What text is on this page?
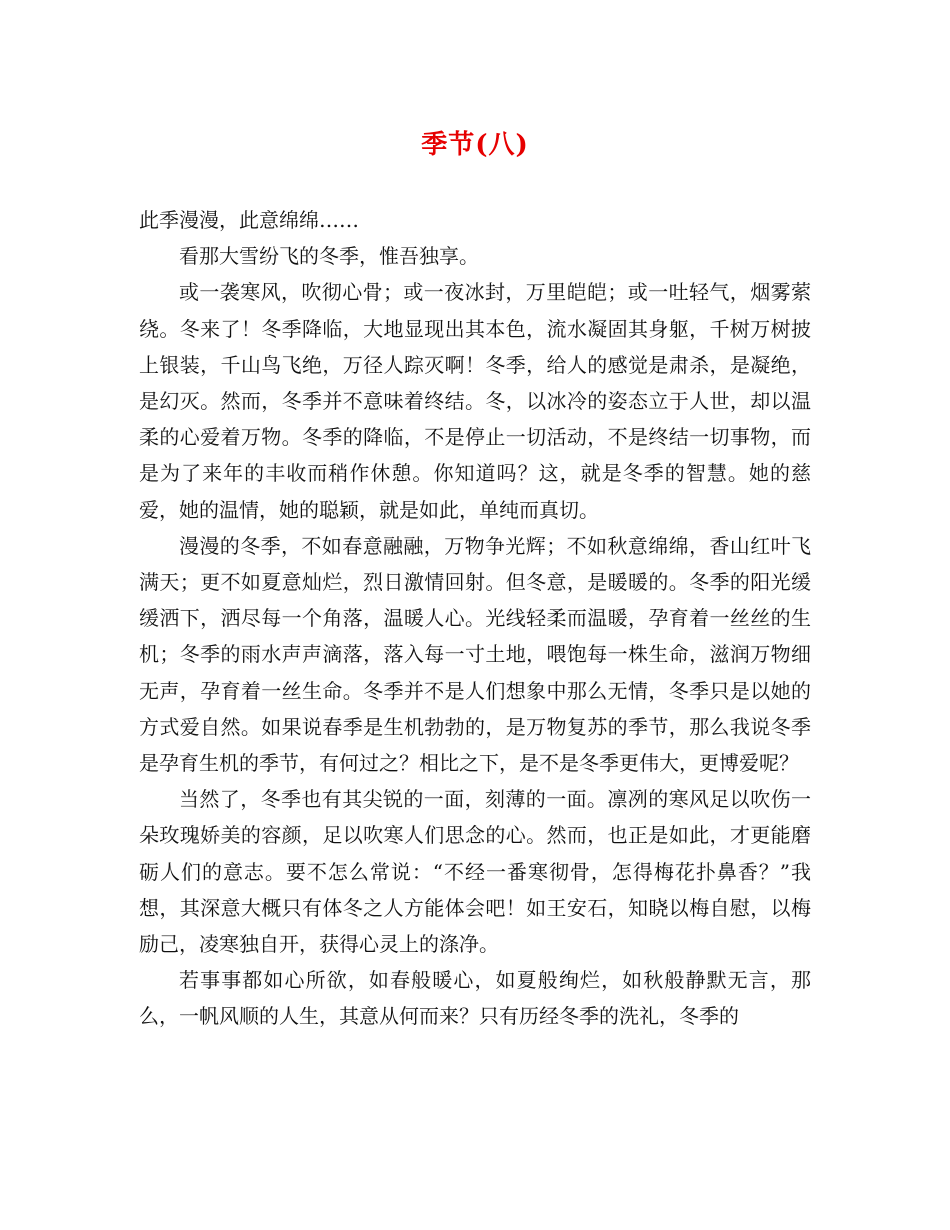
季节(八)

此季漫漫，此意绵绵……

看那大雪纷飞的冬季，惟吾独享。

或一袭寒风，吹彻心骨；或一夜冰封，万里皑皑；或一吐轻气，烟雾萦绕。冬来了！冬季降临，大地显现出其本色，流水凝固其身躯，千树万树披上银装，千山鸟飞绝，万径人踪灭啊！冬季，给人的感觉是肃杀，是凝绝，是幻灭。然而，冬季并不意味着终结。冬，以冰冷的姿态立于人世，却以温柔的心爱着万物。冬季的降临，不是停止一切活动，不是终结一切事物，而是为了来年的丰收而稍作休憩。你知道吗？这，就是冬季的智慧。她的慈爱，她的温情，她的聪颖，就是如此，单纯而真切。

漫漫的冬季，不如春意融融，万物争光辉；不如秋意绵绵，香山红叶飞满天；更不如夏意灿烂，烈日激情回射。但冬意，是暖暖的。冬季的阳光缓缓洒下，洒尽每一个角落，温暖人心。光线轻柔而温暖，孕育着一丝丝的生机；冬季的雨水声声滴落，落入每一寸土地，喂饱每一株生命，滋润万物细无声，孕育着一丝生命。冬季并不是人们想象中那么无情，冬季只是以她的方式爱自然。如果说春季是生机勃勃的，是万物复苏的季节，那么我说冬季是孕育生机的季节，有何过之？相比之下，是不是冬季更伟大，更博爱呢？

当然了，冬季也有其尖锐的一面，刻薄的一面。凛冽的寒风足以吹伤一朵玫瑰娇美的容颜，足以吹寒人们思念的心。然而，也正是如此，才更能磨砺人们的意志。要不怎么常说：“不经一番寒彻骨，怎得梅花扑鼻香？”我想，其深意大概只有体冬之人方能体会吧！如王安石，知晓以梅自慰，以梅励己，凌寒独自开，获得心灵上的涤净。

若事事都如心所欲，如春般暖心，如夏般绚烂，如秋般静默无言，那么，一帆风顺的人生，其意从何而来？只有历经冬季的洗礼，冬季的
